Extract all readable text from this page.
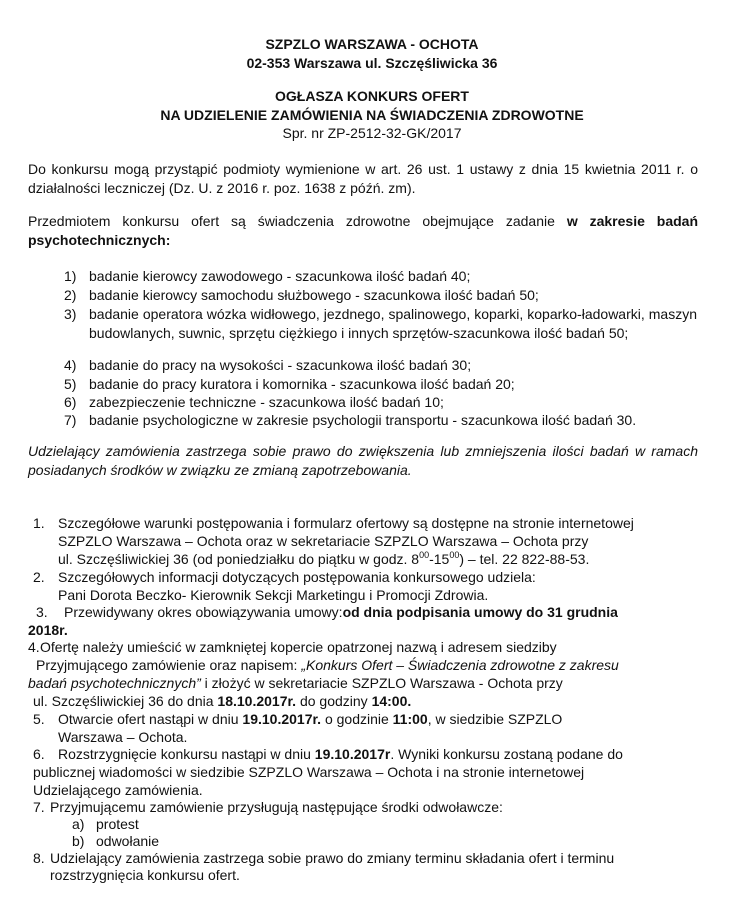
SZPZLO WARSZAWA - OCHOTA
02-353 Warszawa ul. Szczęśliwicka 36
OGŁASZA KONKURS OFERT
NA UDZIELENIE ZAMÓWIENIA NA ŚWIADCZENIA ZDROWOTNE
Spr. nr ZP-2512-32-GK/2017
Do konkursu mogą przystąpić podmioty wymienione w art. 26 ust. 1 ustawy z dnia 15 kwietnia 2011 r. o działalności leczniczej (Dz. U. z 2016 r. poz. 1638 z późń. zm).
Przedmiotem konkursu ofert są świadczenia zdrowotne obejmujące zadanie w zakresie badań psychotechnicznych:
1) badanie kierowcy zawodowego - szacunkowa ilość badań 40;
2) badanie kierowcy samochodu służbowego - szacunkowa ilość badań 50;
3) badanie operatora wózka widłowego, jezdnego, spalinowego, koparki, koparko-ładowarki, maszyn budowlanych, suwnic, sprzętu ciężkiego i innych sprzętów-szacunkowa ilość badań 50;
4) badanie do pracy na wysokości - szacunkowa ilość badań 30;
5) badanie do pracy kuratora i komornika - szacunkowa ilość badań 20;
6) zabezpieczenie techniczne - szacunkowa ilość badań 10;
7) badanie psychologiczne w zakresie psychologii transportu - szacunkowa ilość badań 30.
Udzielający zamówienia zastrzega sobie prawo do zwiększenia lub zmniejszenia ilości badań w ramach posiadanych środków w związku ze zmianą zapotrzebowania.
1. Szczegółowe warunki postępowania i formularz ofertowy są dostępne na stronie internetowej
SZPZLO Warszawa – Ochota oraz w sekretariacie SZPZLO Warszawa – Ochota przy
ul. Szczęśliwickiej 36 (od poniedziałku do piątku w godz. $8^{00}-15^{00}$) – tel. 22 822-88-53.
2. Szczegółowych informacji dotyczących postępowania konkursowego udziela:
Pani Dorota Beczko- Kierownik Sekcji Marketingu i Promocji Zdrowia.
3. Przewidywany okres obowiązywania umowy:od dnia podpisania umowy do 31 grudnia
2018r.
4. Ofertę należy umieścić w zamkniętej kopercie opatrzonej nazwą i adresem siedziby
Przyjmującego zamówienie oraz napisem: „Konkurs Ofert – Świadczenia zdrowotne z zakresu
badań psychotechnicznych” i złożyć w sekretariacie SZPZLO Warszawa - Ochota przy
ul. Szczęśliwickiej 36 do dnia 18.10.2017r. do godziny 14:00.
5. Otwarcie ofert nastąpi w dniu 19.10.2017r. o godzinie 11:00, w siedzibie SZPZLO
Warszawa – Ochota.
6. Rozstrzygnięcie konkursu nastąpi w dniu 19.10.2017r. Wyniki konkursu zostaną podane do
publicznej wiadomości w siedzibie SZPZLO Warszawa – Ochota i na stronie internetowej
Udzielającego zamówienia.
7. Przyjmującemu zamówienie przysługują następujące środki odwoławcze:
a) protest
b) odwołanie
8. Udzielający zamówienia zastrzega sobie prawo do zmiany terminu składania ofert i terminu
rozstrzygnięcia konkursu ofert.
